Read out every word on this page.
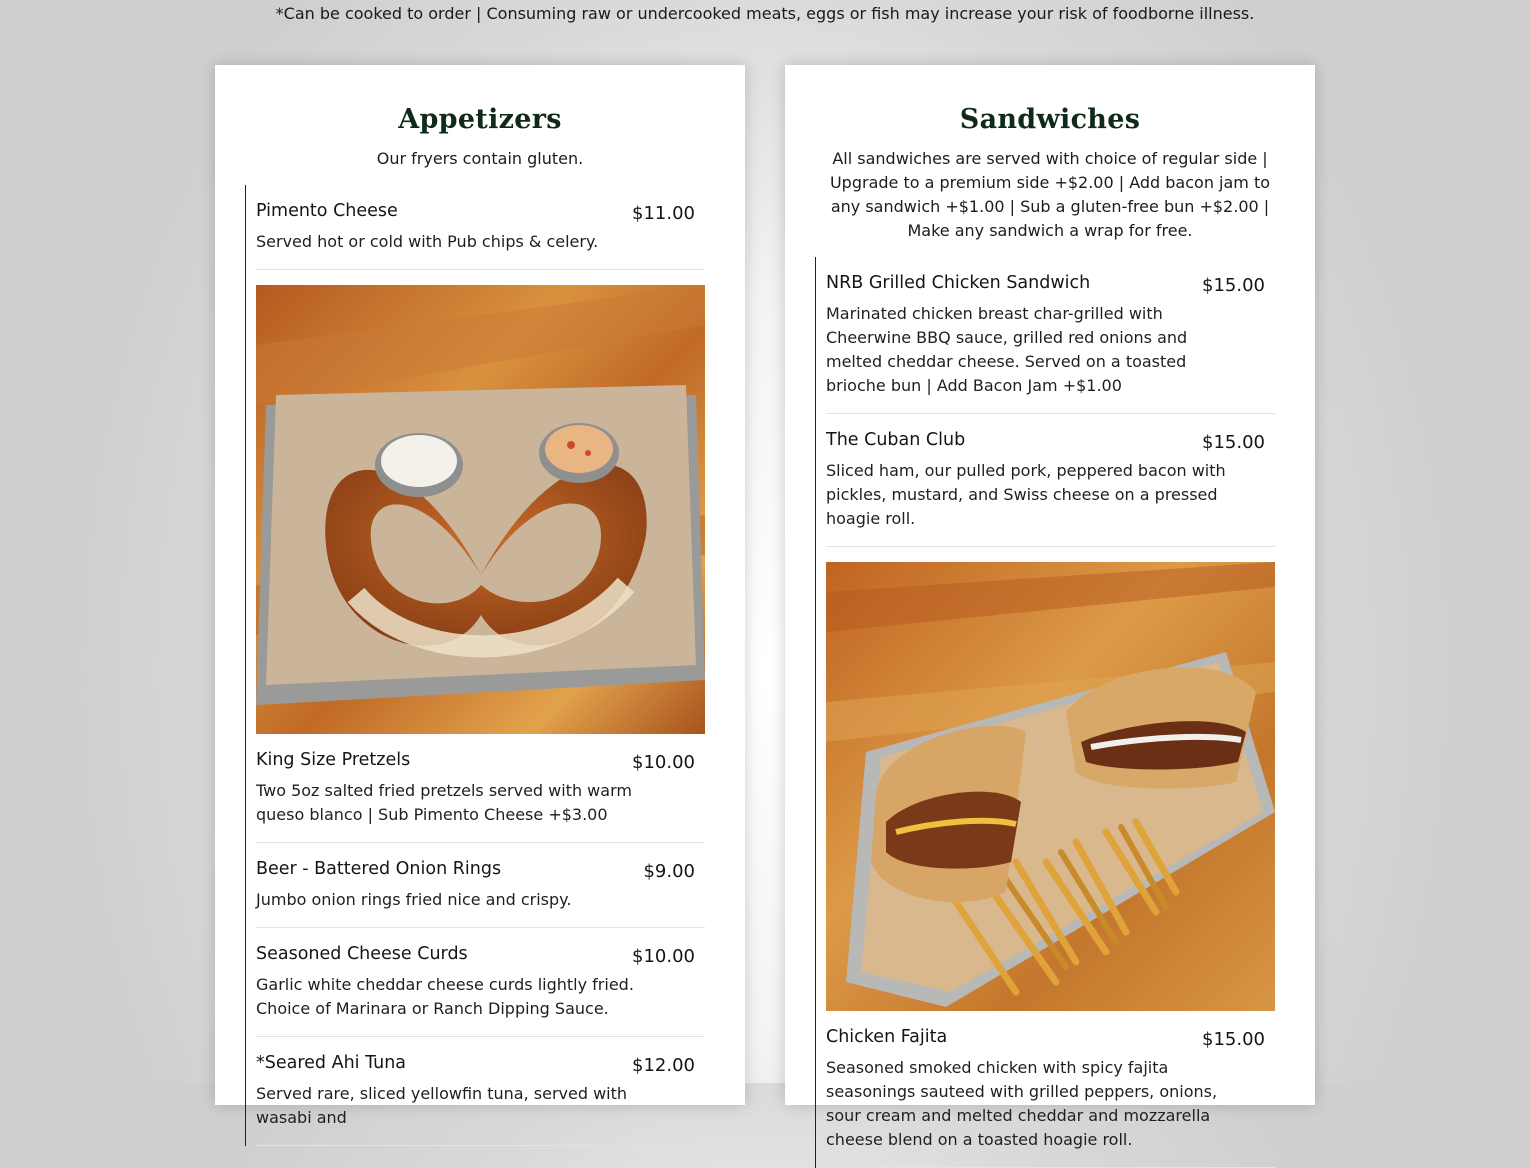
*Can be cooked to order | Consuming raw or undercooked meats, eggs or fish may increase your risk of foodborne illness.
Appetizers
Our fryers contain gluten.
Pimento Cheese	$11.00
Served hot or cold with Pub chips & celery.
King Size Pretzels	$10.00
Two 5oz salted fried pretzels served with warm queso blanco | Sub Pimento Cheese +$3.00
Beer - Battered Onion Rings	$9.00
Jumbo onion rings fried nice and crispy.
Seasoned Cheese Curds	$10.00
Garlic white cheddar cheese curds lightly fried. Choice of Marinara or Ranch Dipping Sauce.
*Seared Ahi Tuna	$12.00
Served rare, sliced yellowfin tuna, served with wasabi and
Sandwiches
All sandwiches are served with choice of regular side | Upgrade to a premium side +$2.00 | Add bacon jam to any sandwich +$1.00 | Sub a gluten-free bun +$2.00 | Make any sandwich a wrap for free.
NRB Grilled Chicken Sandwich	$15.00
Marinated chicken breast char-grilled with Cheerwine BBQ sauce, grilled red onions and melted cheddar cheese. Served on a toasted brioche bun | Add Bacon Jam +$1.00
The Cuban Club	$15.00
Sliced ham, our pulled pork, peppered bacon with pickles, mustard, and Swiss cheese on a pressed hoagie roll.
Chicken Fajita	$15.00
Seasoned smoked chicken with spicy fajita seasonings sauteed with grilled peppers, onions, sour cream and melted cheddar and mozzarella cheese blend on a toasted hoagie roll.
